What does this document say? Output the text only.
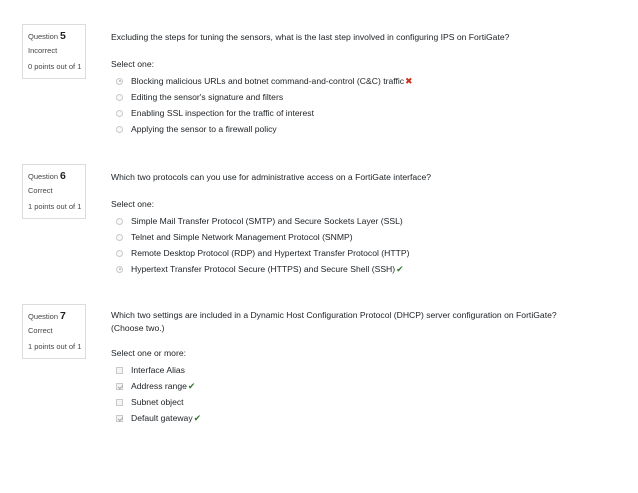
Question 5
Incorrect
0 points out of 1
Excluding the steps for tuning the sensors, what is the last step involved in configuring IPS on FortiGate?
Select one:
Blocking malicious URLs and botnet command-and-control (C&C) traffic ✖
Editing the sensor's signature and filters
Enabling SSL inspection for the traffic of interest
Applying the sensor to a firewall policy
Question 6
Correct
1 points out of 1
Which two protocols can you use for administrative access on a FortiGate interface?
Select one:
Simple Mail Transfer Protocol (SMTP) and Secure Sockets Layer (SSL)
Telnet and Simple Network Management Protocol (SNMP)
Remote Desktop Protocol (RDP) and Hypertext Transfer Protocol (HTTP)
Hypertext Transfer Protocol Secure (HTTPS) and Secure Shell (SSH) ✔
Question 7
Correct
1 points out of 1
Which two settings are included in a Dynamic Host Configuration Protocol (DHCP) server configuration on FortiGate? (Choose two.)
Select one or more:
Interface Alias
Address range ✔
Subnet object
Default gateway ✔
